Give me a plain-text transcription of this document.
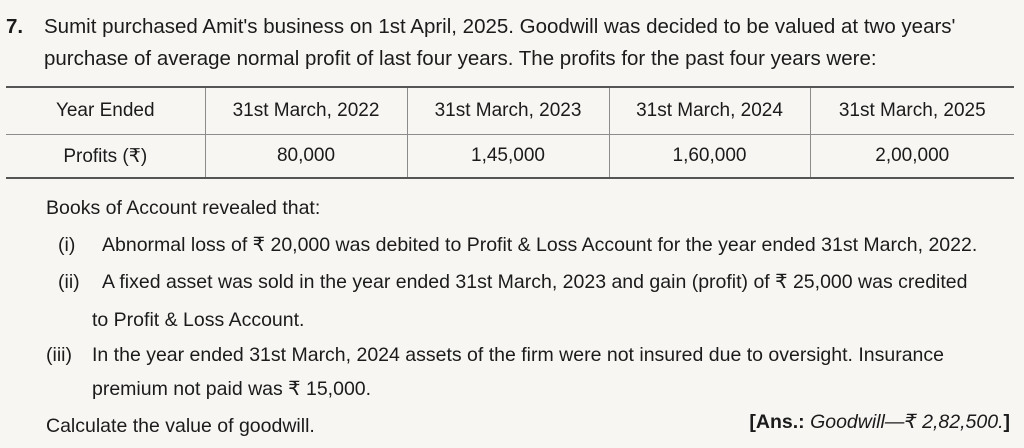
7. Sumit purchased Amit's business on 1st April, 2025. Goodwill was decided to be valued at two years'
purchase of average normal profit of last four years. The profits for the past four years were:
Year Ended	31st March, 2022	31st March, 2023	31st March, 2024	31st March, 2025
Profits (₹)	80,000	1,45,000	1,60,000	2,00,000
Books of Account revealed that:
(i) Abnormal loss of ₹ 20,000 was debited to Profit & Loss Account for the year ended 31st March, 2022.
(ii) A fixed asset was sold in the year ended 31st March, 2023 and gain (profit) of ₹ 25,000 was credited
to Profit & Loss Account.
(iii) In the year ended 31st March, 2024 assets of the firm were not insured due to oversight. Insurance
premium not paid was ₹ 15,000.
Calculate the value of goodwill.	[Ans.: Goodwill—₹ 2,82,500.]
